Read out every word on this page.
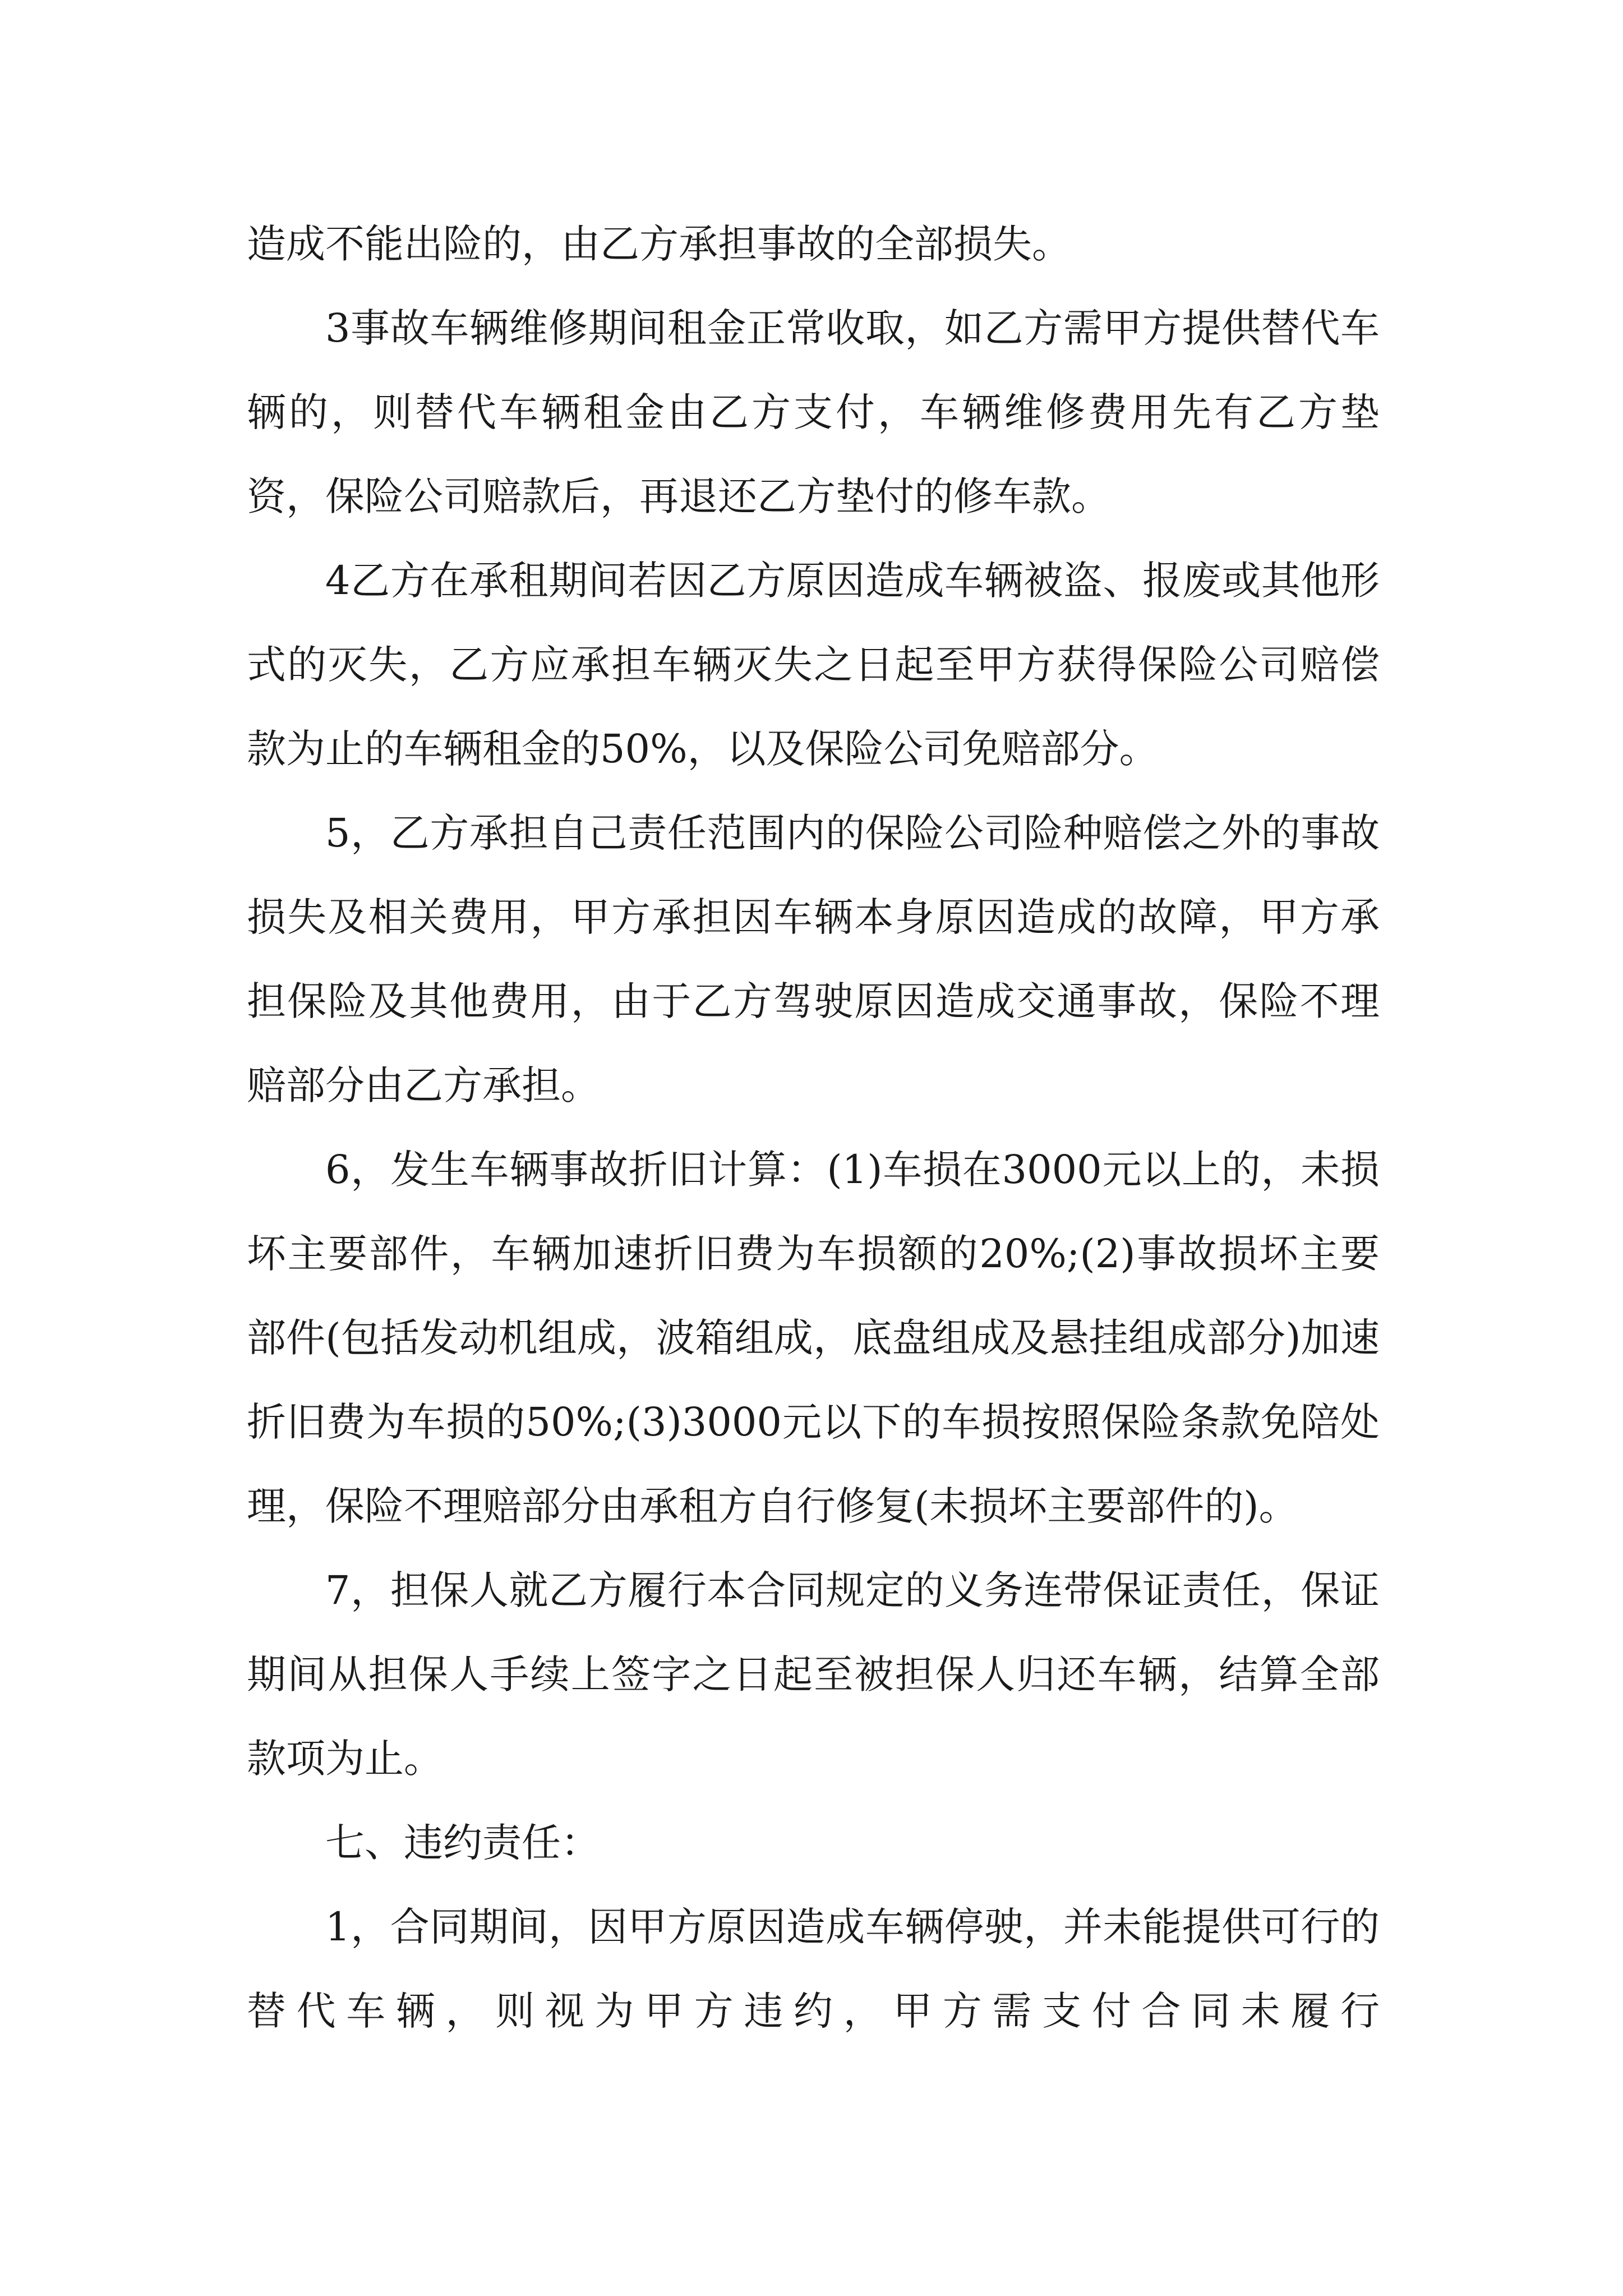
造成不能出险的，由乙方承担事故的全部损失。

3事故车辆维修期间租金正常收取，如乙方需甲方提供替代车辆的，则替代车辆租金由乙方支付，车辆维修费用先有乙方垫资，保险公司赔款后，再退还乙方垫付的修车款。

4乙方在承租期间若因乙方原因造成车辆被盗、报废或其他形式的灭失，乙方应承担车辆灭失之日起至甲方获得保险公司赔偿款为止的车辆租金的50%，以及保险公司免赔部分。

5，乙方承担自己责任范围内的保险公司险种赔偿之外的事故损失及相关费用，甲方承担因车辆本身原因造成的故障，甲方承担保险及其他费用，由于乙方驾驶原因造成交通事故，保险不理赔部分由乙方承担。

6，发生车辆事故折旧计算：(1)车损在3000元以上的，未损坏主要部件，车辆加速折旧费为车损额的20%;(2)事故损坏主要部件(包括发动机组成，波箱组成，底盘组成及悬挂组成部分)加速折旧费为车损的50%;(3)3000元以下的车损按照保险条款免陪处理，保险不理赔部分由承租方自行修复(未损坏主要部件的)。

7，担保人就乙方履行本合同规定的义务连带保证责任，保证期间从担保人手续上签字之日起至被担保人归还车辆，结算全部款项为止。

七、违约责任：

1，合同期间，因甲方原因造成车辆停驶，并未能提供可行的替代车辆，则视为甲方违约，甲方需支付合同未履行
